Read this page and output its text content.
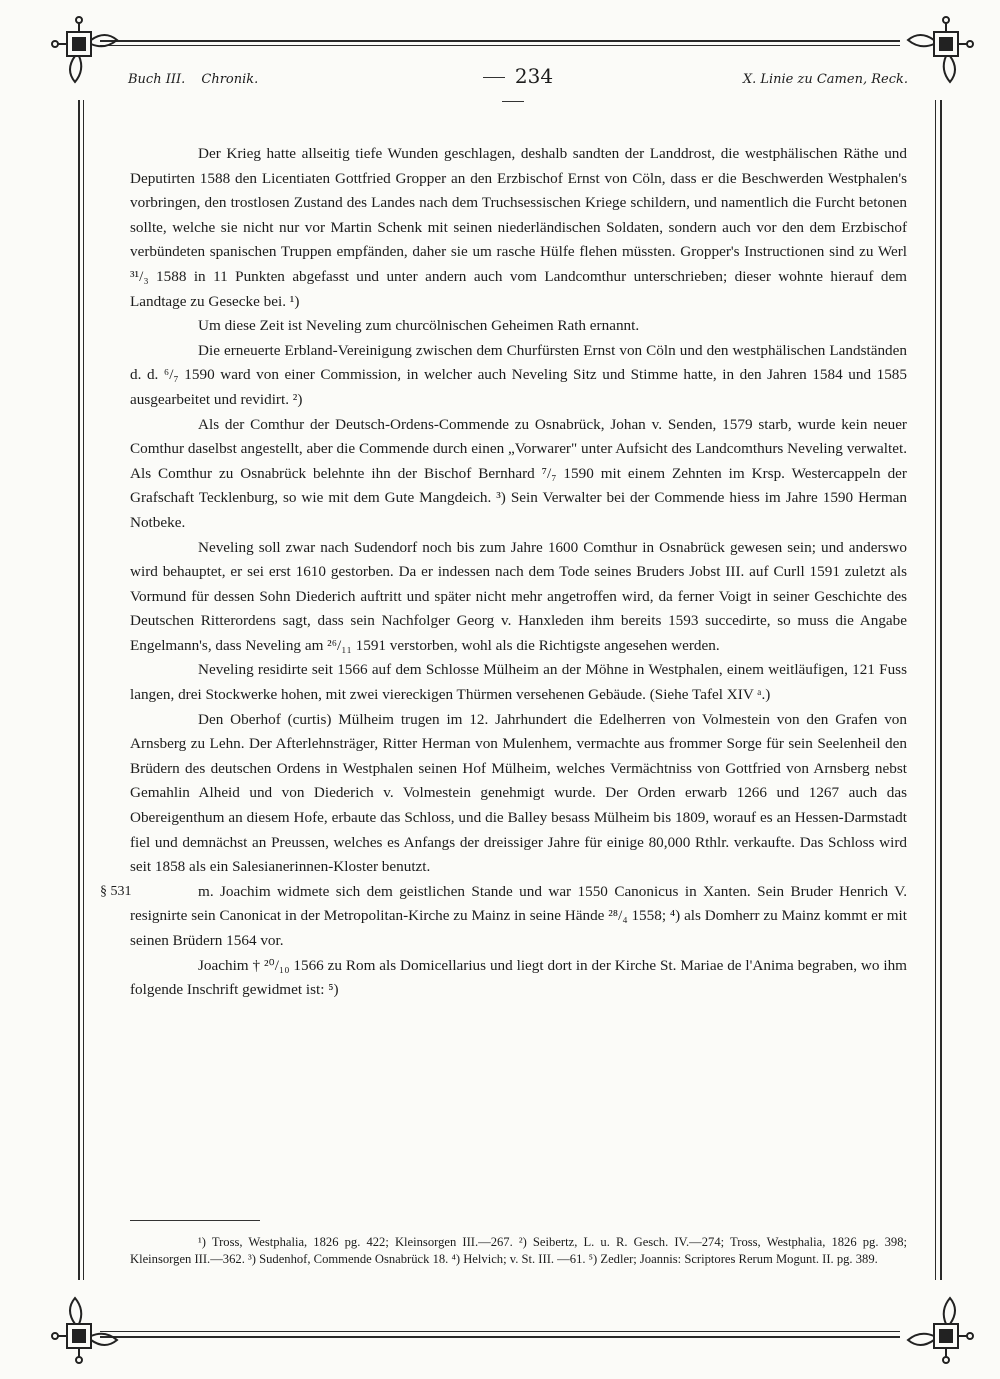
Buch III. Chronik.	234	X. Linie zu Camen, Reck.

Der Krieg hatte allseitig tiefe Wunden geschlagen, deshalb sandten der Landdrost, die westphälischen Räthe und Deputirten 1588 den Licentiaten Gottfried Gropper an den Erzbischof Ernst von Cöln, dass er die Beschwerden Westphalen's vorbringen, den trostlosen Zustand des Landes nach dem Truchsessischen Kriege schildern, und namentlich die Furcht betonen sollte, welche sie nicht nur vor Martin Schenk mit seinen niederländischen Soldaten, sondern auch vor den dem Erzbischof verbündeten spanischen Truppen empfänden, daher sie um rasche Hülfe flehen müssten. Gropper's Instructionen sind zu Werl ³¹/₃ 1588 in 11 Punkten abgefasst und unter andern auch vom Landcomthur unterschrieben; dieser wohnte hierauf dem Landtage zu Gesecke bei. ¹)

Um diese Zeit ist Neveling zum churcölnischen Geheimen Rath ernannt.

Die erneuerte Erbland-Vereinigung zwischen dem Churfürsten Ernst von Cöln und den westphälischen Landständen d. d. ⁶/₇ 1590 ward von einer Commission, in welcher auch Neveling Sitz und Stimme hatte, in den Jahren 1584 und 1585 ausgearbeitet und revidirt. ²)

Als der Comthur der Deutsch-Ordens-Commende zu Osnabrück, Johan v. Senden, 1579 starb, wurde kein neuer Comthur daselbst angestellt, aber die Commende durch einen „Vorwarer" unter Aufsicht des Landcomthurs Neveling verwaltet. Als Comthur zu Osnabrück belehnte ihn der Bischof Bernhard ⁷/₇ 1590 mit einem Zehnten im Krsp. Westercappeln der Grafschaft Tecklenburg, so wie mit dem Gute Mangdeich. ³) Sein Verwalter bei der Commende hiess im Jahre 1590 Herman Notbeke.

Neveling soll zwar nach Sudendorf noch bis zum Jahre 1600 Comthur in Osnabrück gewesen sein; und anderswo wird behauptet, er sei erst 1610 gestorben. Da er indessen nach dem Tode seines Bruders Jobst III. auf Curll 1591 zuletzt als Vormund für dessen Sohn Diederich auftritt und später nicht mehr angetroffen wird, da ferner Voigt in seiner Geschichte des Deutschen Ritterordens sagt, dass sein Nachfolger Georg v. Hanxleden ihm bereits 1593 succedirte, so muss die Angabe Engelmann's, dass Neveling am ²⁶/₁₁ 1591 verstorben, wohl als die Richtigste angesehen werden.

Neveling residirte seit 1566 auf dem Schlosse Mülheim an der Möhne in Westphalen, einem weitläufigen, 121 Fuss langen, drei Stockwerke hohen, mit zwei viereckigen Thürmen versehenen Gebäude. (Siehe Tafel XIV ᵃ.)

Den Oberhof (curtis) Mülheim trugen im 12. Jahrhundert die Edelherren von Volmestein von den Grafen von Arnsberg zu Lehn. Der Afterlehnsträger, Ritter Herman von Mulenhem, vermachte aus frommer Sorge für sein Seelenheil den Brüdern des deutschen Ordens in Westphalen seinen Hof Mülheim, welches Vermächtniss von Gottfried von Arnsberg nebst Gemahlin Alheid und von Diederich v. Volmestein genehmigt wurde. Der Orden erwarb 1266 und 1267 auch das Obereigenthum an diesem Hofe, erbaute das Schloss, und die Balley besass Mülheim bis 1809, worauf es an Hessen-Darmstadt fiel und demnächst an Preussen, welches es Anfangs der dreissiger Jahre für einige 80,000 Rthlr. verkaufte. Das Schloss wird seit 1858 als ein Salesianerinnen-Kloster benutzt.

§ 531	m. Joachim widmete sich dem geistlichen Stande und war 1550 Canonicus in Xanten. Sein Bruder Henrich V. resignirte sein Canonicat in der Metropolitan-Kirche zu Mainz in seine Hände ²⁸/₄ 1558; ⁴) als Domherr zu Mainz kommt er mit seinen Brüdern 1564 vor.

Joachim † ²⁰/₁₀ 1566 zu Rom als Domicellarius und liegt dort in der Kirche St. Mariae de l'Anima begraben, wo ihm folgende Inschrift gewidmet ist: ⁵)

¹) Tross, Westphalia, 1826 pg. 422; Kleinsorgen III.—267. ²) Seibertz, L. u. R. Gesch. IV.—274; Tross, Westphalia, 1826 pg. 398; Kleinsorgen III.—362. ³) Sudenhof, Commende Osnabrück 18. ⁴) Helvich; v. St. III. —61. ⁵) Zedler; Joannis: Scriptores Rerum Mogunt. II. pg. 389.
